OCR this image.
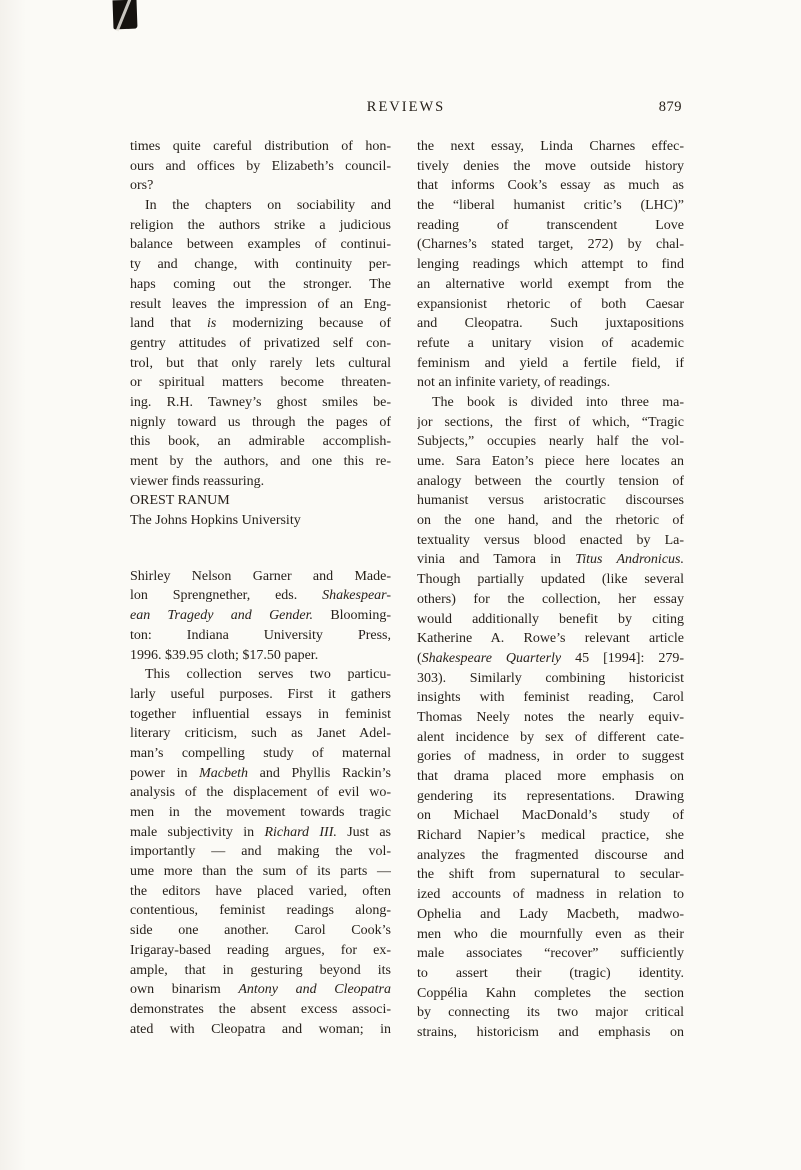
REVIEWS	879
times quite careful distribution of hon-
ours and offices by Elizabeth’s council-
ors?
In the chapters on sociability and
religion the authors strike a judicious
balance between examples of continui-
ty and change, with continuity per-
haps coming out the stronger. The
result leaves the impression of an Eng-
land that is modernizing because of
gentry attitudes of privatized self con-
trol, but that only rarely lets cultural
or spiritual matters become threaten-
ing. R.H. Tawney’s ghost smiles be-
nignly toward us through the pages of
this book, an admirable accomplish-
ment by the authors, and one this re-
viewer finds reassuring.
OREST RANUM
The Johns Hopkins University
Shirley Nelson Garner and Made-
lon Sprengnether, eds. Shakespear-
ean Tragedy and Gender. Blooming-
ton: Indiana University Press,
1996. $39.95 cloth; $17.50 paper.
This collection serves two particu-
larly useful purposes. First it gathers
together influential essays in feminist
literary criticism, such as Janet Adel-
man’s compelling study of maternal
power in Macbeth and Phyllis Rackin’s
analysis of the displacement of evil wo-
men in the movement towards tragic
male subjectivity in Richard III. Just as
importantly — and making the vol-
ume more than the sum of its parts —
the editors have placed varied, often
contentious, feminist readings along-
side one another. Carol Cook’s
Irigaray-based reading argues, for ex-
ample, that in gesturing beyond its
own binarism Antony and Cleopatra
demonstrates the absent excess associ-
ated with Cleopatra and woman; in
the next essay, Linda Charnes effec-
tively denies the move outside history
that informs Cook’s essay as much as
the “liberal humanist critic’s (LHC)”
reading of transcendent Love
(Charnes’s stated target, 272) by chal-
lenging readings which attempt to find
an alternative world exempt from the
expansionist rhetoric of both Caesar
and Cleopatra. Such juxtapositions
refute a unitary vision of academic
feminism and yield a fertile field, if
not an infinite variety, of readings.
The book is divided into three ma-
jor sections, the first of which, “Tragic
Subjects,” occupies nearly half the vol-
ume. Sara Eaton’s piece here locates an
analogy between the courtly tension of
humanist versus aristocratic discourses
on the one hand, and the rhetoric of
textuality versus blood enacted by La-
vinia and Tamora in Titus Andronicus.
Though partially updated (like several
others) for the collection, her essay
would additionally benefit by citing
Katherine A. Rowe’s relevant article
(Shakespeare Quarterly 45 [1994]: 279-
303). Similarly combining historicist
insights with feminist reading, Carol
Thomas Neely notes the nearly equiv-
alent incidence by sex of different cate-
gories of madness, in order to suggest
that drama placed more emphasis on
gendering its representations. Drawing
on Michael MacDonald’s study of
Richard Napier’s medical practice, she
analyzes the fragmented discourse and
the shift from supernatural to secular-
ized accounts of madness in relation to
Ophelia and Lady Macbeth, madwo-
men who die mournfully even as their
male associates “recover” sufficiently
to assert their (tragic) identity.
Coppélia Kahn completes the section
by connecting its two major critical
strains, historicism and emphasis on
